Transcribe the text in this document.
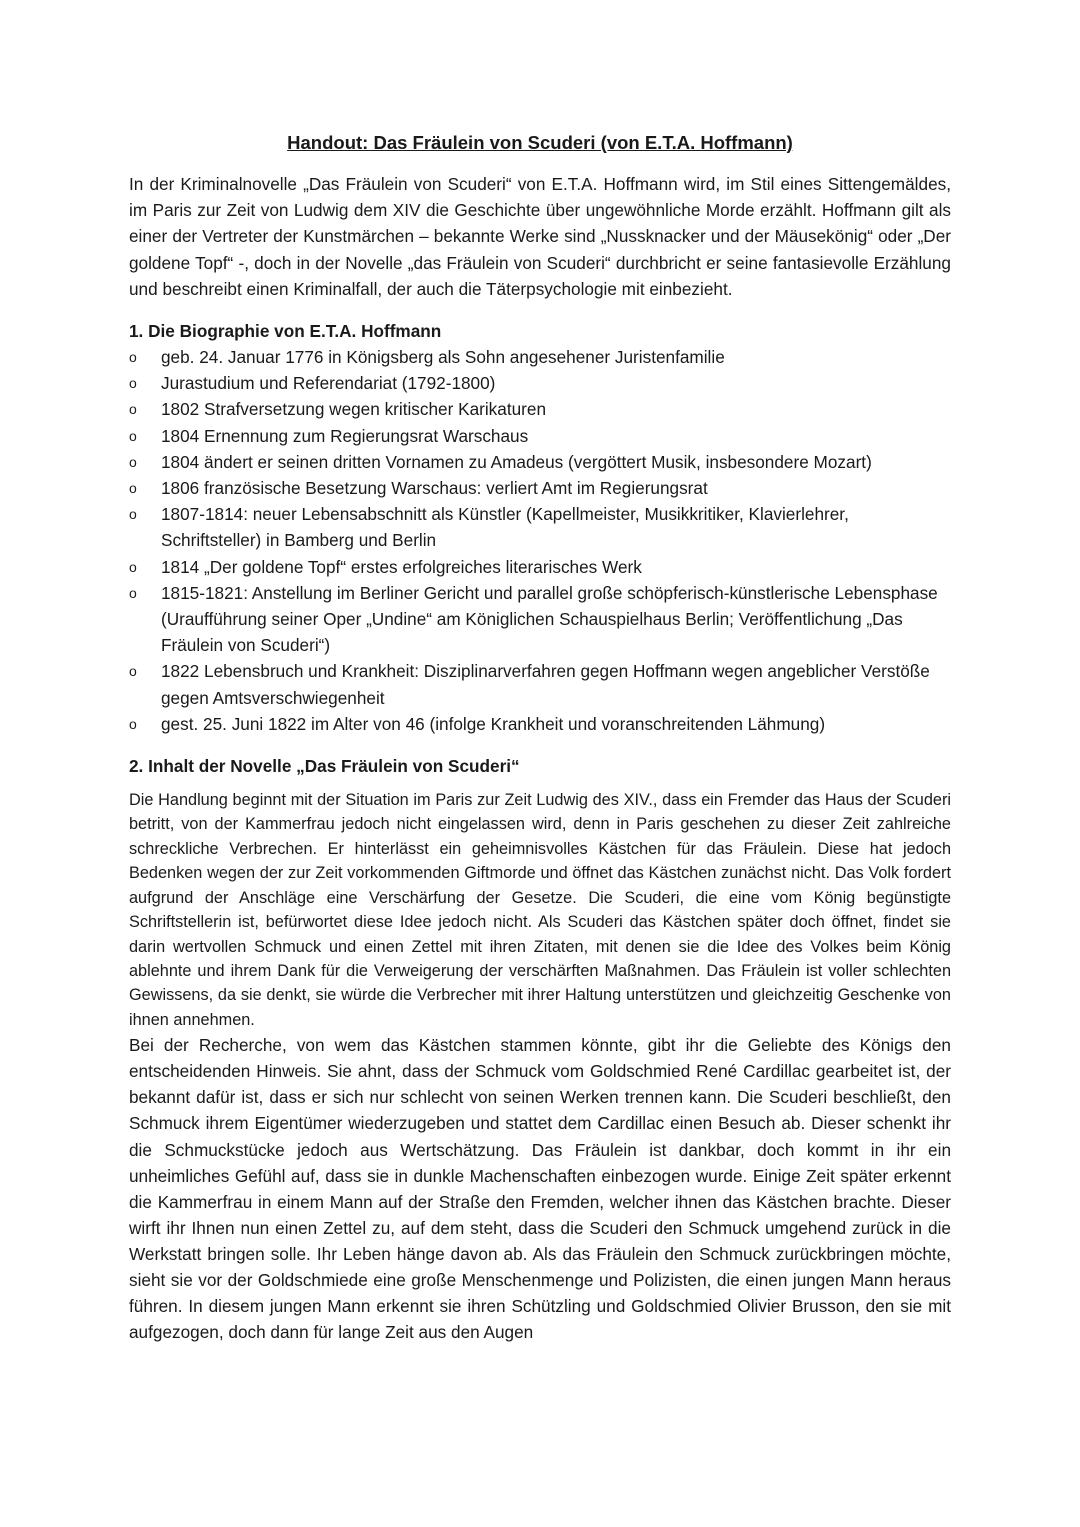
Handout: Das Fräulein von Scuderi (von E.T.A. Hoffmann)

In der Kriminalnovelle „Das Fräulein von Scuderi“ von E.T.A. Hoffmann wird, im Stil eines Sittengemäldes, im Paris zur Zeit von Ludwig dem XIV die Geschichte über ungewöhnliche Morde erzählt. Hoffmann gilt als einer der Vertreter der Kunstmärchen – bekannte Werke sind „Nussknacker und der Mäusekönig“ oder „Der goldene Topf“ -, doch in der Novelle „das Fräulein von Scuderi“ durchbricht er seine fantasievolle Erzählung und beschreibt einen Kriminalfall, der auch die Täterpsychologie mit einbezieht.

1. Die Biographie von E.T.A. Hoffmann
o geb. 24. Januar 1776 in Königsberg als Sohn angesehener Juristenfamilie
o Jurastudium und Referendariat (1792-1800)
o 1802 Strafversetzung wegen kritischer Karikaturen
o 1804 Ernennung zum Regierungsrat Warschaus
o 1804 ändert er seinen dritten Vornamen zu Amadeus (vergöttert Musik, insbesondere Mozart)
o 1806 französische Besetzung Warschaus: verliert Amt im Regierungsrat
o 1807-1814: neuer Lebensabschnitt als Künstler (Kapellmeister, Musikkritiker, Klavierlehrer, Schriftsteller) in Bamberg und Berlin
o 1814 „Der goldene Topf“ erstes erfolgreiches literarisches Werk
o 1815-1821: Anstellung im Berliner Gericht und parallel große schöpferisch-künstlerische Lebensphase (Uraufführung seiner Oper „Undine“ am Königlichen Schauspielhaus Berlin; Veröffentlichung „Das Fräulein von Scuderi“)
o 1822 Lebensbruch und Krankheit: Disziplinarverfahren gegen Hoffmann wegen angeblicher Verstöße gegen Amtsverschwiegenheit
o gest. 25. Juni 1822 im Alter von 46 (infolge Krankheit und voranschreitenden Lähmung)
2. Inhalt der Novelle „Das Fräulein von Scuderi“

Die Handlung beginnt mit der Situation im Paris zur Zeit Ludwig des XIV., dass ein Fremder das Haus der Scuderi betritt, von der Kammerfrau jedoch nicht eingelassen wird, denn in Paris geschehen zu dieser Zeit zahlreiche schreckliche Verbrechen. Er hinterlässt ein geheimnisvolles Kästchen für das Fräulein. Diese hat jedoch Bedenken wegen der zur Zeit vorkommenden Giftmorde und öffnet das Kästchen zunächst nicht. Das Volk fordert aufgrund der Anschläge eine Verschärfung der Gesetze. Die Scuderi, die eine vom König begünstigte Schriftstellerin ist, befürwortet diese Idee jedoch nicht. Als Scuderi das Kästchen später doch öffnet, findet sie darin wertvollen Schmuck und einen Zettel mit ihren Zitaten, mit denen sie die Idee des Volkes beim König ablehnte und ihrem Dank für die Verweigerung der verschärften Maßnahmen. Das Fräulein ist voller schlechten Gewissens, da sie denkt, sie würde die Verbrecher mit ihrer Haltung unterstützen und gleichzeitig Geschenke von ihnen annehmen.

Bei der Recherche, von wem das Kästchen stammen könnte, gibt ihr die Geliebte des Königs den entscheidenden Hinweis. Sie ahnt, dass der Schmuck vom Goldschmied René Cardillac gearbeitet ist, der bekannt dafür ist, dass er sich nur schlecht von seinen Werken trennen kann. Die Scuderi beschließt, den Schmuck ihrem Eigentümer wiederzugeben und stattet dem Cardillac einen Besuch ab. Dieser schenkt ihr die Schmuckstücke jedoch aus Wertschätzung. Das Fräulein ist dankbar, doch kommt in ihr ein unheimliches Gefühl auf, dass sie in dunkle Machenschaften einbezogen wurde. Einige Zeit später erkennt die Kammerfrau in einem Mann auf der Straße den Fremden, welcher ihnen das Kästchen brachte. Dieser wirft ihr Ihnen nun einen Zettel zu, auf dem steht, dass die Scuderi den Schmuck umgehend zurück in die Werkstatt bringen solle. Ihr Leben hänge davon ab. Als das Fräulein den Schmuck zurückbringen möchte, sieht sie vor der Goldschmiede eine große Menschenmenge und Polizisten, die einen jungen Mann heraus führen. In diesem jungen Mann erkennt sie ihren Schützling und Goldschmied Olivier Brusson, den sie mit aufgezogen, doch dann für lange Zeit aus den Augen
